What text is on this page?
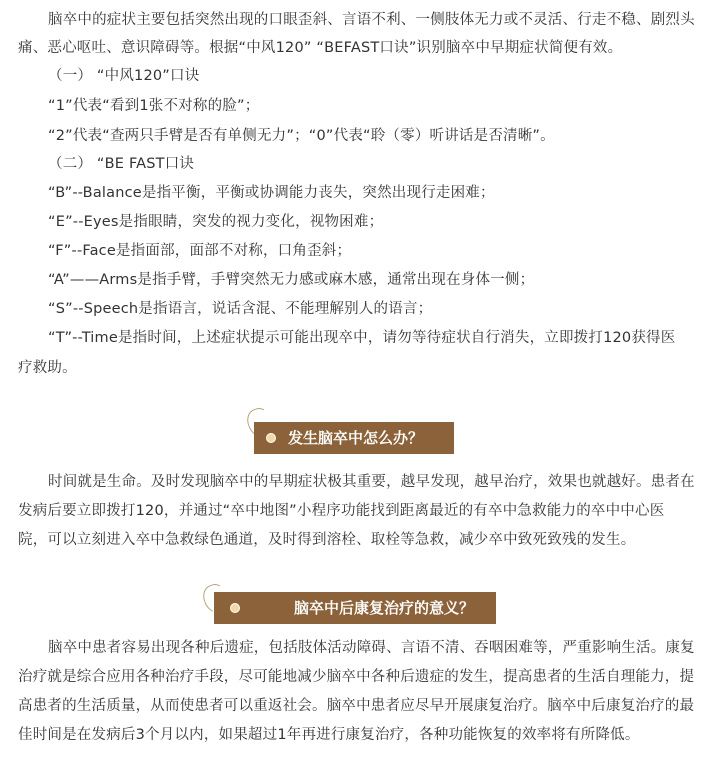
脑卒中的症状主要包括突然出现的口眼歪斜、言语不利、一侧肢体无力或不灵活、行走不稳、剧烈头

痛、恶心呕吐、意识障碍等。根据“中风120” “BEFAST口诀”识别脑卒中早期症状简便有效。

（一） “中风120”口诀

“1”代表“看到1张不对称的脸”；

“2”代表“查两只手臂是否有单侧无力”；“0”代表“聆（零）听讲话是否清晰”。

（二） “BE FAST口诀

“B”--Balance是指平衡，平衡或协调能力丧失，突然出现行走困难；

“E”--Eyes是指眼睛，突发的视力变化，视物困难；

“F”--Face是指面部，面部不对称，口角歪斜；

“A”——Arms是指手臂，手臂突然无力感或麻木感，通常出现在身体一侧；

“S”--Speech是指语言，说话含混、不能理解别人的语言；

“T”--Time是指时间，上述症状提示可能出现卒中，请勿等待症状自行消失，立即拨打120获得医

疗救助。

发生脑卒中怎么办？

时间就是生命。及时发现脑卒中的早期症状极其重要，越早发现，越早治疗，效果也就越好。患者在

发病后要立即拨打120，并通过“卒中地图”小程序功能找到距离最近的有卒中急救能力的卒中中心医

院，可以立刻进入卒中急救绿色通道，及时得到溶栓、取栓等急救，减少卒中致死致残的发生。

脑卒中后康复治疗的意义？

脑卒中患者容易出现各种后遗症，包括肢体活动障碍、言语不清、吞咽困难等，严重影响生活。康复

治疗就是综合应用各种治疗手段，尽可能地减少脑卒中各种后遗症的发生，提高患者的生活自理能力，提

高患者的生活质量，从而使患者可以重返社会。脑卒中患者应尽早开展康复治疗。脑卒中后康复治疗的最

佳时间是在发病后3个月以内，如果超过1年再进行康复治疗，各种功能恢复的效率将有所降低。
